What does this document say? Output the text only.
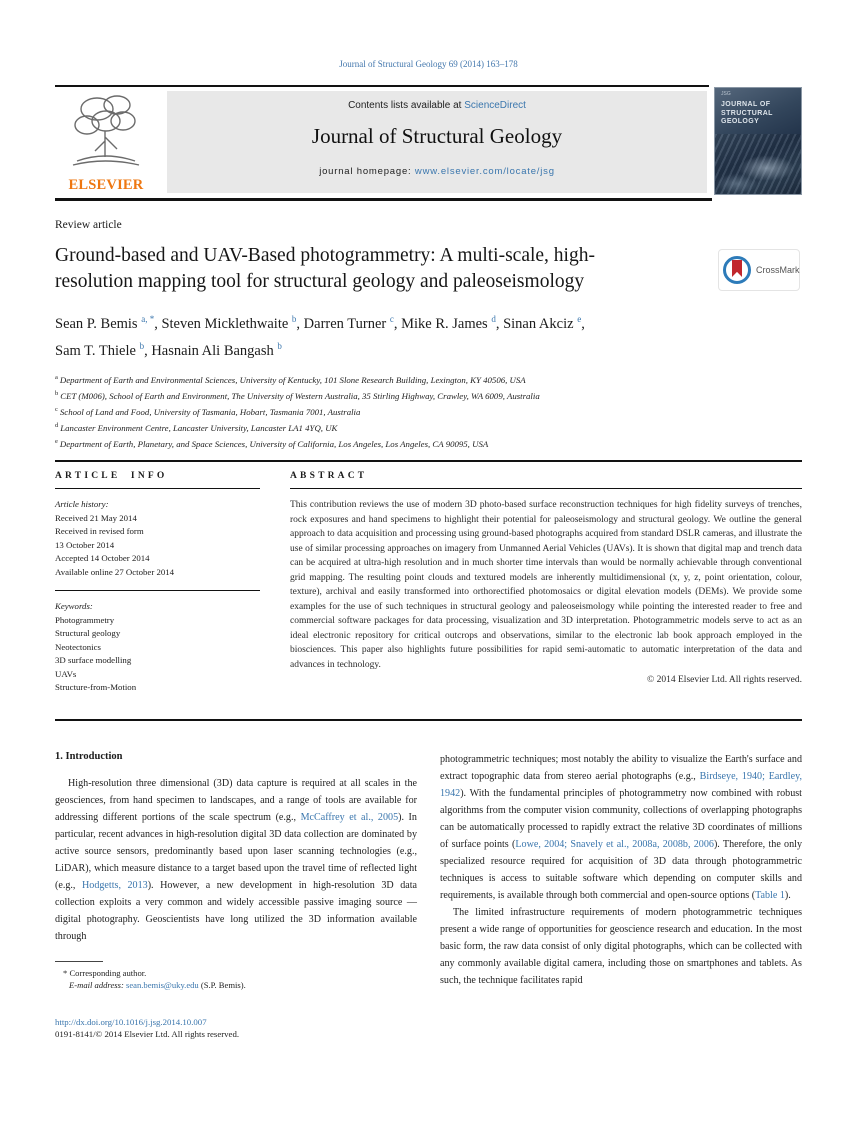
Journal of Structural Geology 69 (2014) 163–178
ELSEVIER
Contents lists available at ScienceDirect
Journal of Structural Geology
journal homepage: www.elsevier.com/locate/jsg
JSG
JOURNAL OF STRUCTURAL GEOLOGY
Review article
Ground-based and UAV-Based photogrammetry: A multi-scale, high-
resolution mapping tool for structural geology and paleoseismology
CrossMark
Sean P. Bemis $^{a, *}$, Steven Micklethwaite $^b$, Darren Turner $^c$, Mike R. James $^d$, Sinan Akciz $^e$,
Sam T. Thiele $^b$, Hasnain Ali Bangash $^b$
$^a$ Department of Earth and Environmental Sciences, University of Kentucky, 101 Slone Research Building, Lexington, KY 40506, USA
$^b$ CET (M006), School of Earth and Environment, The University of Western Australia, 35 Stirling Highway, Crawley, WA 6009, Australia
$^c$ School of Land and Food, University of Tasmania, Hobart, Tasmania 7001, Australia
$^d$ Lancaster Environment Centre, Lancaster University, Lancaster LA1 4YQ, UK
$^e$ Department of Earth, Planetary, and Space Sciences, University of California, Los Angeles, Los Angeles, CA 90095, USA
ARTICLE INFO
Article history:
Received 21 May 2014
Received in revised form
13 October 2014
Accepted 14 October 2014
Available online 27 October 2014
Keywords:
Photogrammetry
Structural geology
Neotectonics
3D surface modelling
UAVs
Structure-from-Motion
ABSTRACT
This contribution reviews the use of modern 3D photo-based surface reconstruction techniques for high fidelity surveys of trenches, rock exposures and hand specimens to highlight their potential for paleoseismology and structural geology. We outline the general approach to data acquisition and processing using ground-based photographs acquired from standard DSLR cameras, and illustrate the use of similar processing approaches on imagery from Unmanned Aerial Vehicles (UAVs). It is shown that digital map and trench data can be acquired at ultra-high resolution and in much shorter time intervals than would be normally achievable through conventional grid mapping. The resulting point clouds and textured models are inherently multidimensional (x, y, z, point orientation, colour, texture), archival and easily transformed into orthorectified photomosaics or digital elevation models (DEMs). We provide some examples for the use of such techniques in structural geology and paleoseismology while pointing the interested reader to free and commercial software packages for data processing, visualization and 3D interpretation. Photogrammetric models serve to act as an ideal electronic repository for critical outcrops and observations, similar to the electronic lab book approach employed in the biosciences. This paper also highlights future possibilities for rapid semi-automatic to automatic interpretation of the data and advances in technology.
© 2014 Elsevier Ltd. All rights reserved.
1. Introduction
High-resolution three dimensional (3D) data capture is required at all scales in the geosciences, from hand specimen to landscapes, and a range of tools are available for addressing different portions of the scale spectrum (e.g., McCaffrey et al., 2005). In particular, recent advances in high-resolution digital 3D data collection are dominated by active source sensors, predominantly based upon laser scanning technologies (e.g., LiDAR), which measure distance to a target based upon the travel time of reflected light (e.g., Hodgetts, 2013). However, a new development in high-resolution 3D data collection exploits a very common and widely accessible passive imaging source — digital photography. Geoscientists have long utilized the 3D information available through
* Corresponding author.
E-mail address: sean.bemis@uky.edu (S.P. Bemis).
http://dx.doi.org/10.1016/j.jsg.2014.10.007
0191-8141/© 2014 Elsevier Ltd. All rights reserved.
photogrammetric techniques; most notably the ability to visualize the Earth's surface and extract topographic data from stereo aerial photographs (e.g., Birdseye, 1940; Eardley, 1942). With the fundamental principles of photogrammetry now combined with robust algorithms from the computer vision community, collections of overlapping photographs can be automatically processed to rapidly extract the relative 3D coordinates of millions of surface points (Lowe, 2004; Snavely et al., 2008a, 2008b, 2006). Therefore, the only specialized resource required for acquisition of 3D data through photogrammetric techniques is access to suitable software which depending on computer skills and requirements, is available through both commercial and open-source options (Table 1).
The limited infrastructure requirements of modern photogrammetric techniques present a wide range of opportunities for geoscience research and education. In the most basic form, the raw data consist of only digital photographs, which can be collected with any commonly available digital camera, including those on smartphones and tablets. As such, the technique facilitates rapid
